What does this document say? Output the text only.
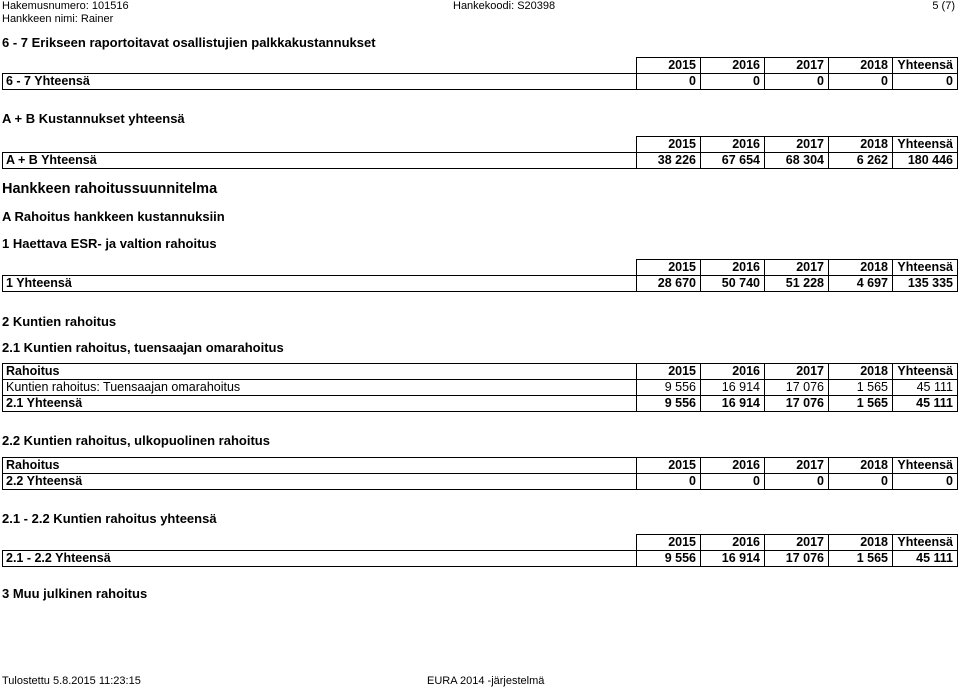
Hakemusnumero: 101516
Hankkeen nimi: Rainer
Hankekoodi: S20398	5 (7)
6 - 7 Erikseen raportoitavat osallistujien palkkakustannukset
	2015	2016	2017	2018	Yhteensä
6 - 7 Yhteensä	0	0	0	0	0
A + B Kustannukset yhteensä
	2015	2016	2017	2018	Yhteensä
A + B Yhteensä	38 226	67 654	68 304	6 262	180 446
Hankkeen rahoitussuunnitelma
A Rahoitus hankkeen kustannuksiin
1 Haettava ESR- ja valtion rahoitus
	2015	2016	2017	2018	Yhteensä
1 Yhteensä	28 670	50 740	51 228	4 697	135 335
2 Kuntien rahoitus
2.1 Kuntien rahoitus, tuensaajan omarahoitus
Rahoitus	2015	2016	2017	2018	Yhteensä
Kuntien rahoitus: Tuensaajan omarahoitus	9 556	16 914	17 076	1 565	45 111
2.1 Yhteensä	9 556	16 914	17 076	1 565	45 111
2.2 Kuntien rahoitus, ulkopuolinen rahoitus
Rahoitus	2015	2016	2017	2018	Yhteensä
2.2 Yhteensä	0	0	0	0	0
2.1 - 2.2 Kuntien rahoitus yhteensä
	2015	2016	2017	2018	Yhteensä
2.1 - 2.2 Yhteensä	9 556	16 914	17 076	1 565	45 111
3 Muu julkinen rahoitus
Tulostettu 5.8.2015 11:23:15	EURA 2014 -järjestelmä
